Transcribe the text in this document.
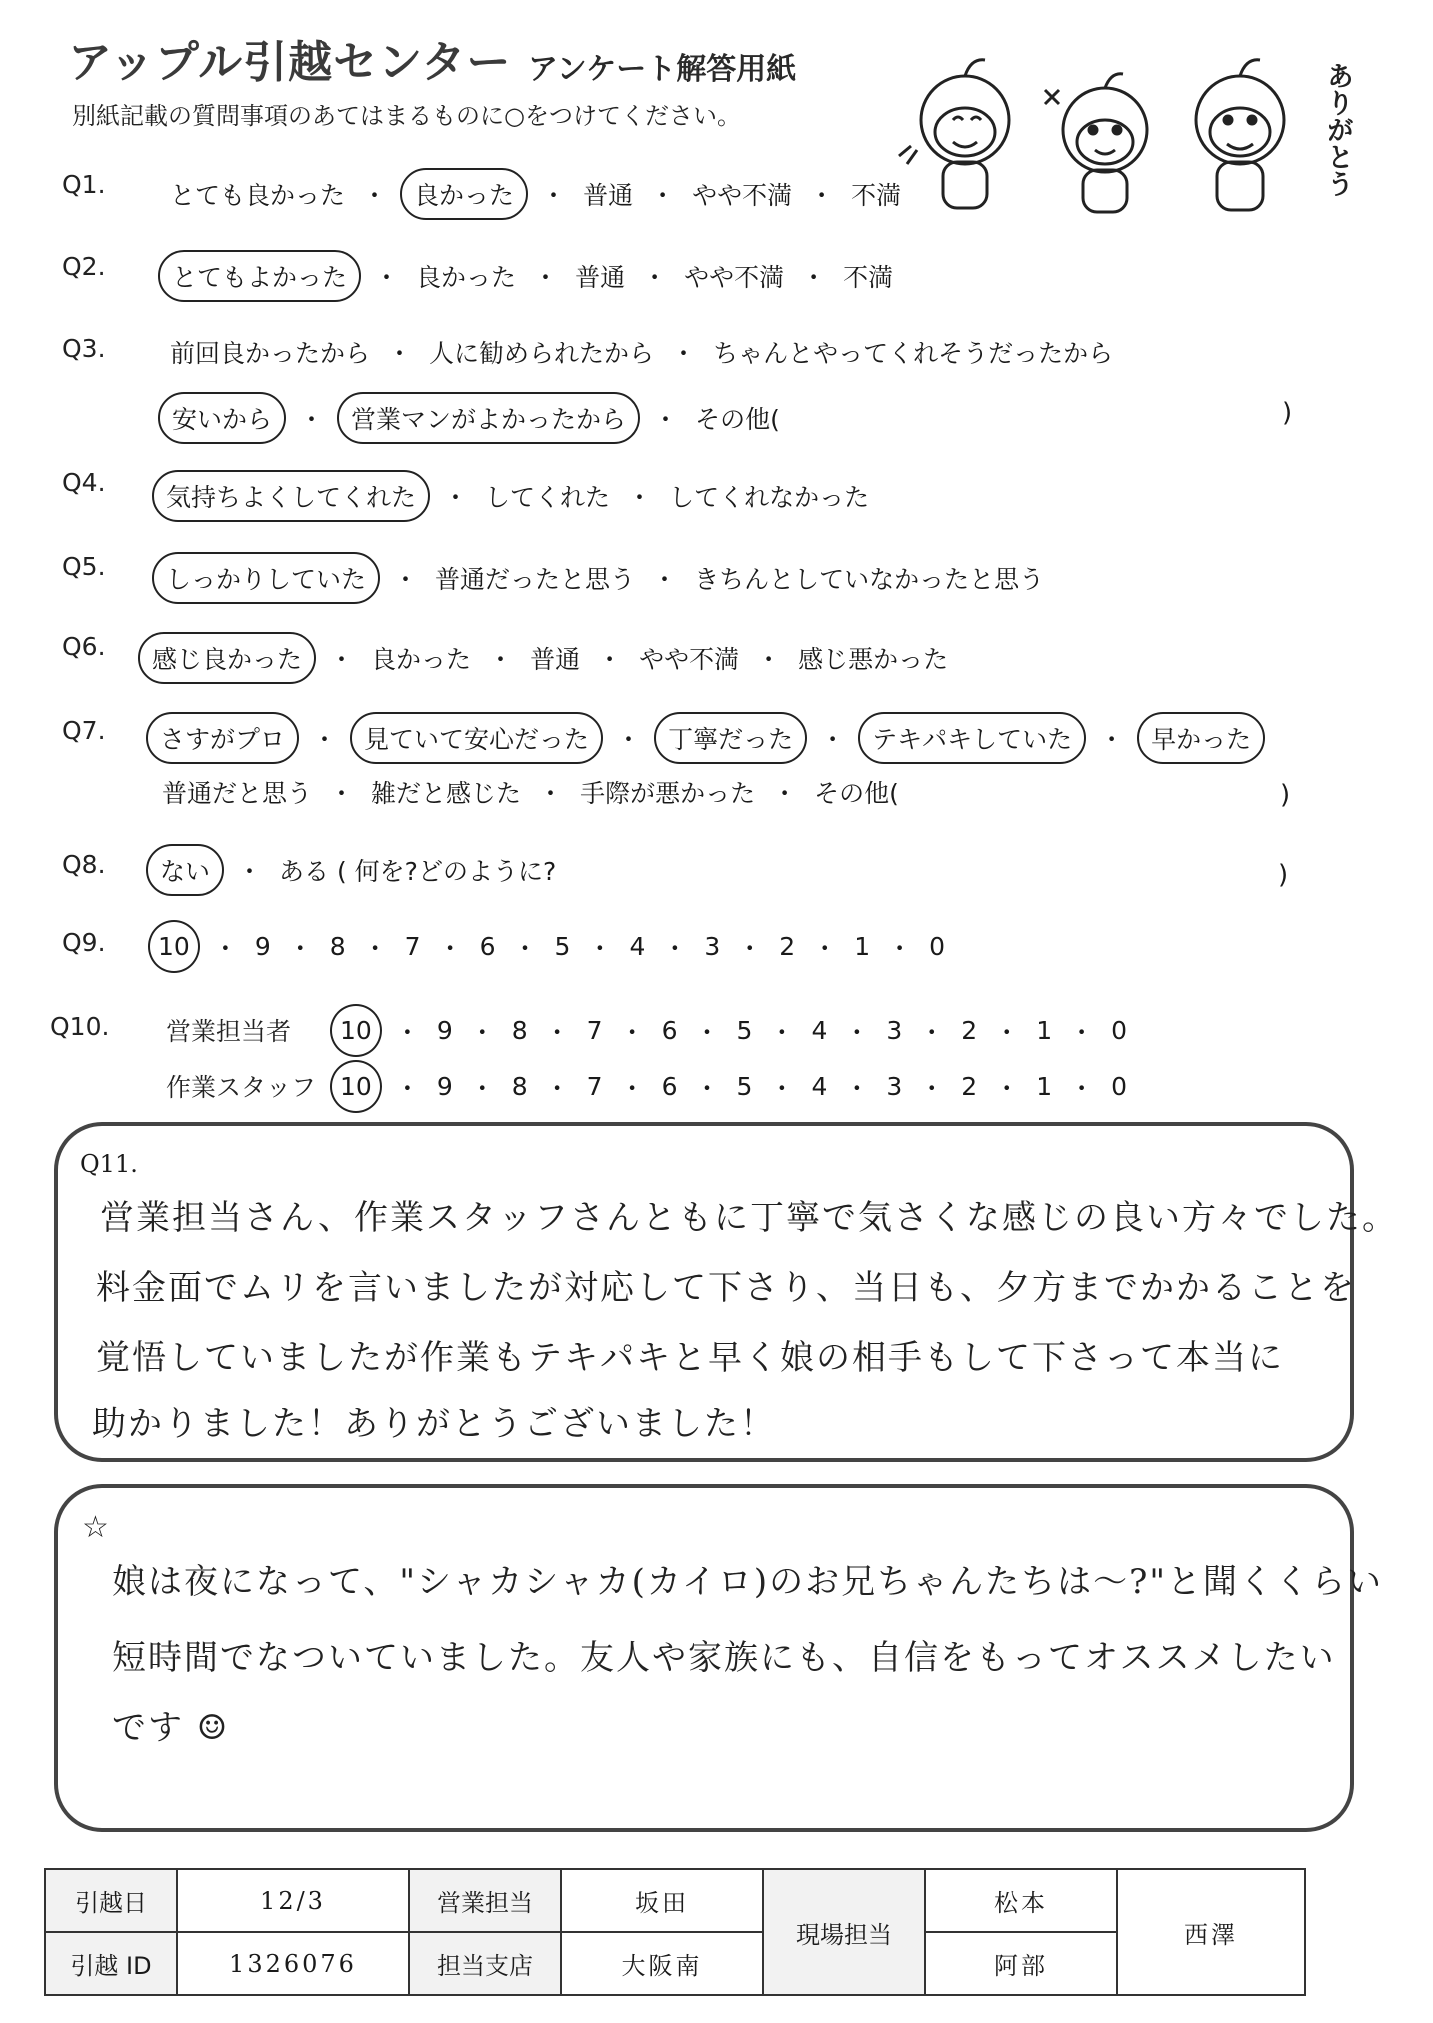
アップル引越センター アンケート解答用紙
別紙記載の質問事項のあてはまるものに○をつけてください。	ありがとう
Q1.	とても良かった ・	良かった	・ 普通 ・ やや不満 ・ 不満
Q2.	とてもよかった	・ 良かった ・ 普通 ・ やや不満 ・ 不満
Q3.	前回良かったから ・ 人に勧められたから ・ ちゃんとやってくれそうだったから
安いから	・	営業マンがよかったから	・ その他(	)
Q4.
気持ちよくしてくれた	・ してくれた ・ してくれなかった
Q5.	しっかりしていた	・ 普通だったと思う ・ きちんとしていなかったと思う
Q6.	感じ良かった	・ 良かった ・ 普通 ・ やや不満 ・ 感じ悪かった
Q7.	さすがプロ	・	見ていて安心だった	・	丁寧だった	・	テキパキしていた	・	早かった
普通だと思う ・ 雑だと感じた ・ 手際が悪かった ・ その他(	)
Q8.	ない	・ ある ( 何を?どのように?	)
Q9.	10 ・ 9 ・ 8 ・ 7 ・ 6 ・ 5 ・ 4 ・ 3 ・ 2 ・ 1 ・ 0
Q10. 営業担当者	10 ・ 9 ・ 8 ・ 7 ・ 6 ・ 5 ・ 4 ・ 3 ・ 2 ・ 1 ・ 0
作業スタッフ 10 ・ 9 ・ 8 ・ 7 ・ 6 ・ 5 ・ 4 ・ 3 ・ 2 ・ 1 ・ 0
Q11.
営業担当さん、作業スタッフさんともに丁寧で気さくな感じの良い方々でした。
料金面でムリを言いましたが対応して下さり、当日も、夕方までかかることを
覚悟していましたが作業もテキパキと早く娘の相手もして下さって本当に
助かりました！ありがとうございました！
☆
娘は夜になって、"シャカシャカ(カイロ)のお兄ちゃんたちは〜?"と聞くくらい
短時間でなついていました。友人や家族にも、自信をもってオススメしたい
です ☺
引越日	12/3	営業担当	坂田	現場担当	松本	西澤
引越 ID	1326076	担当支店	大阪南		阿部	
